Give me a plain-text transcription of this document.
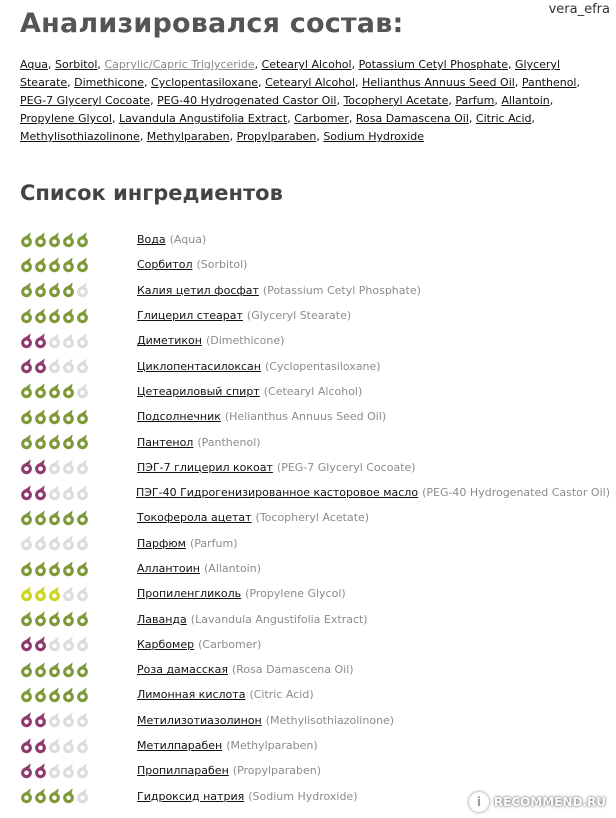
vera_efra
Анализировался состав:
Aqua, Sorbitol, Caprylic/Capric Triglyceride, Cetearyl Alcohol, Potassium Cetyl Phosphate, Glyceryl Stearate, Dimethicone, Cyclopentasiloxane, Cetearyl Alcohol, Helianthus Annuus Seed Oil, Panthenol, PEG-7 Glyceryl Cocoate, PEG-40 Hydrogenated Castor Oil, Tocopheryl Acetate, Parfum, Allantoin, Propylene Glycol, Lavandula Angustifolia Extract, Carbomer, Rosa Damascena Oil, Citric Acid, Methylisothiazolinone, Methylparaben, Propylparaben, Sodium Hydroxide
Список ингредиентов
Вода (Aqua)
Сорбитол (Sorbitol)
Калия цетил фосфат (Potassium Cetyl Phosphate)
Глицерил стеарат (Glyceryl Stearate)
Диметикон (Dimethicone)
Циклопентасилоксан (Cyclopentasiloxane)
Цетеариловый спирт (Cetearyl Alcohol)
Подсолнечник (Helianthus Annuus Seed Oil)
Пантенол (Panthenol)
ПЭГ-7 глицерил кокоат (PEG-7 Glyceryl Cocoate)
ПЭГ-40 Гидрогенизированное касторовое масло (PEG-40 Hydrogenated Castor Oil)
Токоферола ацетат (Tocopheryl Acetate)
Парфюм (Parfum)
Аллантоин (Allantoin)
Пропиленгликоль (Propylene Glycol)
Лаванда (Lavandula Angustifolia Extract)
Карбомер (Carbomer)
Роза дамасская (Rosa Damascena Oil)
Лимонная кислота (Citric Acid)
Метилизотиазолинон (Methylisothiazolinone)
Метилпарабен (Methylparaben)
Пропилпарабен (Propylparaben)
Гидроксид натрия (Sodium Hydroxide)	i RECOMMEND.RU
